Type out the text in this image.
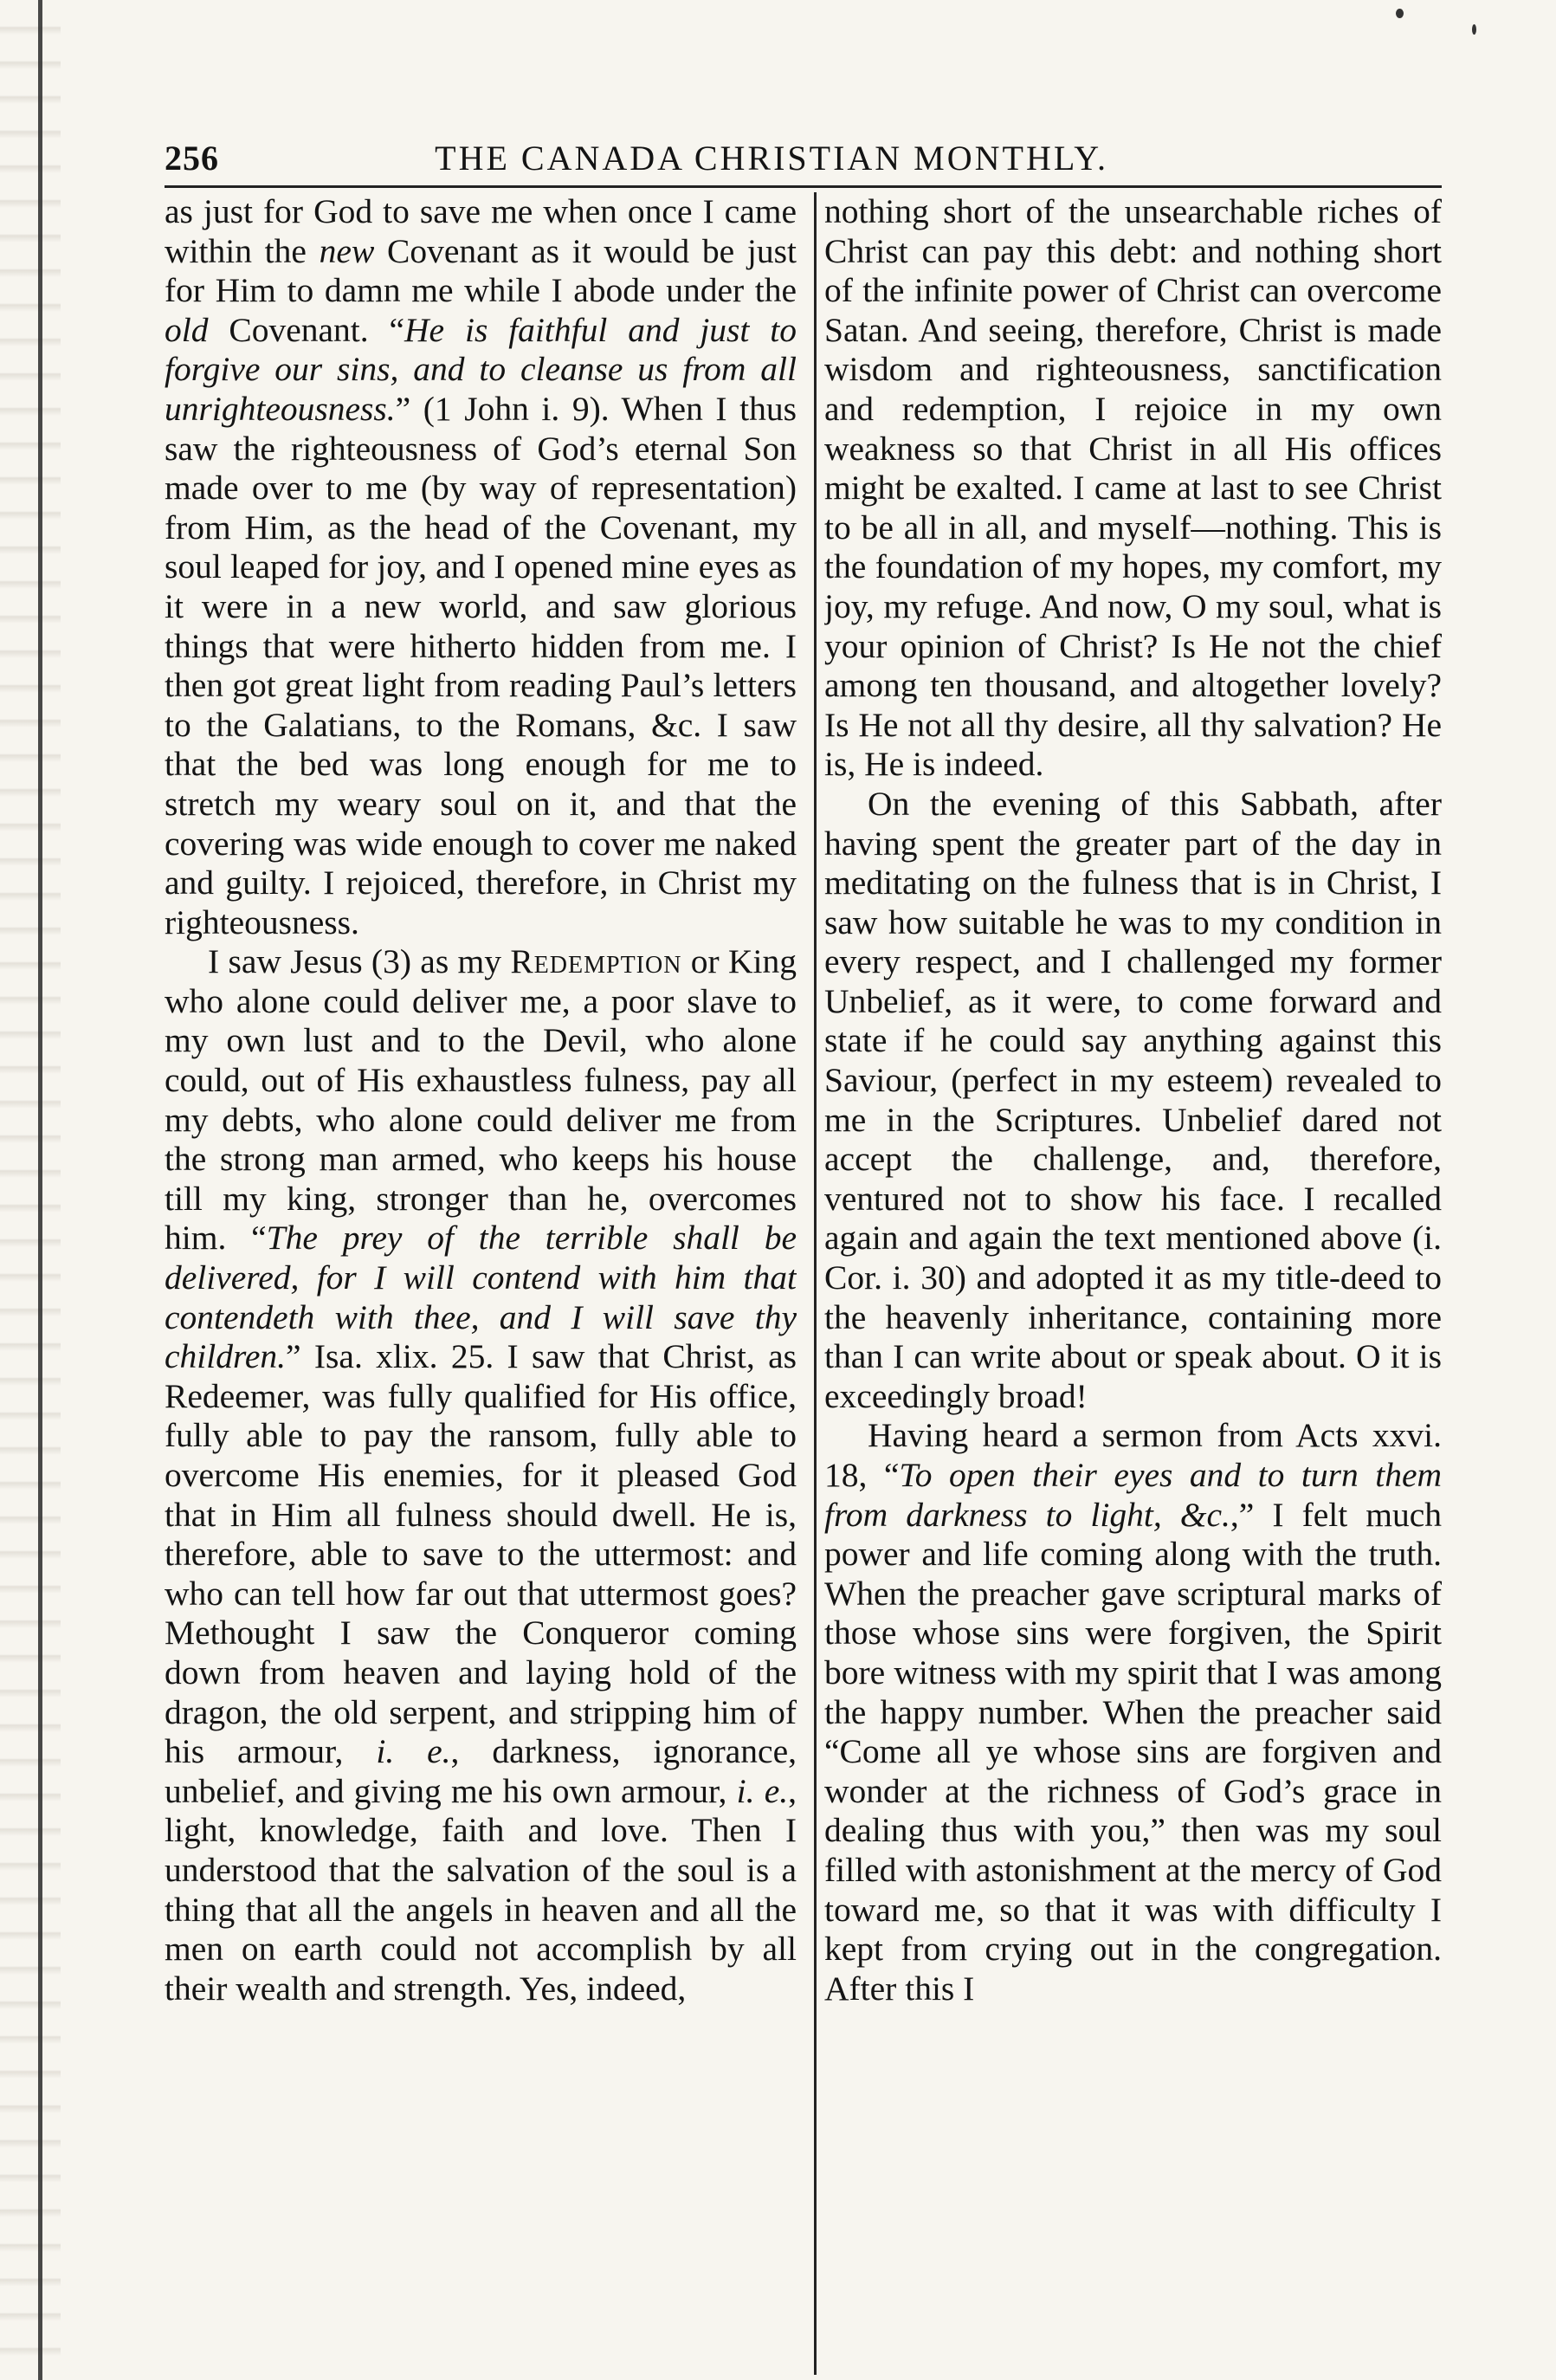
256	THE CANADA CHRISTIAN MONTHLY.

as just for God to save me when once I came within the new Covenant as it would be just for Him to damn me while I abode under the old Covenant. “He is faithful and just to forgive our sins, and to cleanse us from all unrighteousness.” (1 John i. 9). When I thus saw the righteousness of God’s eternal Son made over to me (by way of representation) from Him, as the head of the Covenant, my soul leaped for joy, and I opened mine eyes as it were in a new world, and saw glorious things that were hitherto hidden from me. I then got great light from reading Paul’s letters to the Galatians, to the Romans, &c. I saw that the bed was long enough for me to stretch my weary soul on it, and that the covering was wide enough to cover me naked and guilty. I rejoiced, therefore, in Christ my righteousness.

I saw Jesus (3) as my Redemption or King who alone could deliver me, a poor slave to my own lust and to the Devil, who alone could, out of His exhaustless fulness, pay all my debts, who alone could deliver me from the strong man armed, who keeps his house till my king, stronger than he, overcomes him. “The prey of the terrible shall be delivered, for I will contend with him that contendeth with thee, and I will save thy children.” Isa. xlix. 25. I saw that Christ, as Redeemer, was fully qualified for His office, fully able to pay the ransom, fully able to overcome His enemies, for it pleased God that in Him all fulness should dwell. He is, therefore, able to save to the uttermost: and who can tell how far out that uttermost goes? Methought I saw the Conqueror coming down from heaven and laying hold of the dragon, the old serpent, and stripping him of his armour, i. e., darkness, ignorance, unbelief, and giving me his own armour, i. e., light, knowledge, faith and love. Then I understood that the salvation of the soul is a thing that all the angels in heaven and all the men on earth could not accomplish by all their wealth and strength. Yes, indeed,

nothing short of the unsearchable riches of Christ can pay this debt: and nothing short of the infinite power of Christ can overcome Satan. And seeing, therefore, Christ is made wisdom and righteousness, sanctification and redemption, I rejoice in my own weakness so that Christ in all His offices might be exalted. I came at last to see Christ to be all in all, and myself—nothing. This is the foundation of my hopes, my comfort, my joy, my refuge. And now, O my soul, what is your opinion of Christ? Is He not the chief among ten thousand, and altogether lovely? Is He not all thy desire, all thy salvation? He is, He is indeed.

On the evening of this Sabbath, after having spent the greater part of the day in meditating on the fulness that is in Christ, I saw how suitable he was to my condition in every respect, and I challenged my former Unbelief, as it were, to come forward and state if he could say anything against this Saviour, (perfect in my esteem) revealed to me in the Scriptures. Unbelief dared not accept the challenge, and, therefore, ventured not to show his face. I recalled again and again the text mentioned above (i. Cor. i. 30) and adopted it as my title-deed to the heavenly inheritance, containing more than I can write about or speak about. O it is exceedingly broad!

Having heard a sermon from Acts xxvi. 18, “To open their eyes and to turn them from darkness to light, &c.,” I felt much power and life coming along with the truth. When the preacher gave scriptural marks of those whose sins were forgiven, the Spirit bore witness with my spirit that I was among the happy number. When the preacher said “Come all ye whose sins are forgiven and wonder at the richness of God’s grace in dealing thus with you,” then was my soul filled with astonishment at the mercy of God toward me, so that it was with difficulty I kept from crying out in the congregation. After this I
